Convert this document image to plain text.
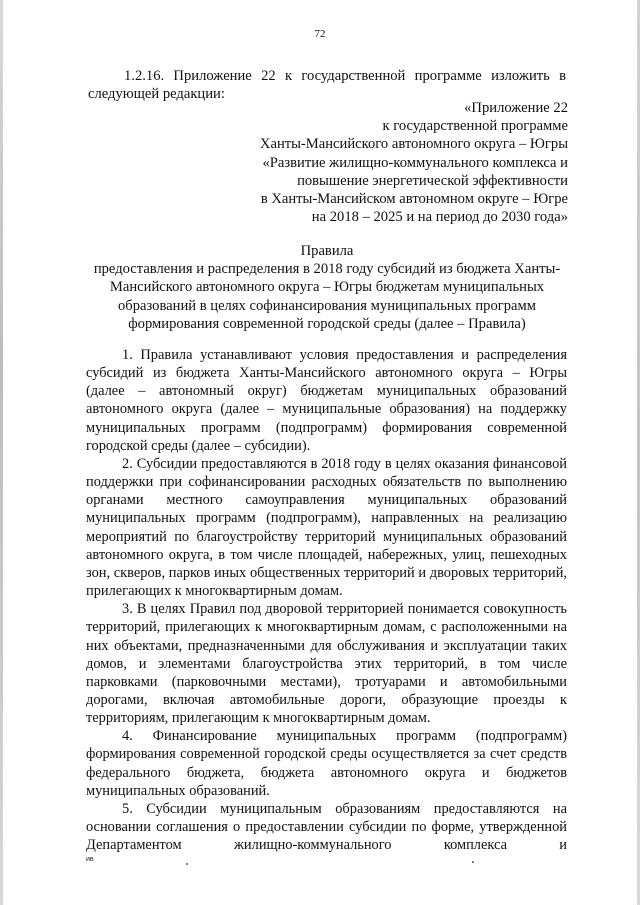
72
1.2.16. Приложение 22 к государственной программе изложить в
следующей редакции:
«Приложение 22
к государственной программе
Ханты-Мансийского автономного округа – Югры
«Развитие жилищно-коммунального комплекса и
повышение энергетической эффективности
в Ханты-Мансийском автономном округе – Югре
на 2018 – 2025 и на период до 2030 года»
Правила
предоставления и распределения в 2018 году субсидий из бюджета Ханты-
Мансийского автономного округа – Югры бюджетам муниципальных
образований в целях софинансирования муниципальных программ
формирования современной городской среды (далее – Правила)

1. Правила устанавливают условия предоставления и распределения субсидий из бюджета Ханты-Мансийского автономного округа – Югры (далее – автономный округ) бюджетам муниципальных образований автономного округа (далее – муниципальные образования) на поддержку муниципальных программ (подпрограмм) формирования современной городской среды (далее – субсидии).

2. Субсидии предоставляются в 2018 году в целях оказания финансовой поддержки при софинансировании расходных обязательств по выполнению органами местного самоуправления муниципальных образований муниципальных программ (подпрограмм), направленных на реализацию мероприятий по благоустройству территорий муниципальных образований автономного округа, в том числе площадей, набережных, улиц, пешеходных зон, скверов, парков иных общественных территорий и дворовых территорий, прилегающих к многоквартирным домам.

3. В целях Правил под дворовой территорией понимается совокупность территорий, прилегающих к многоквартирным домам, с расположенными на них объектами, предназначенными для обслуживания и эксплуатации таких домов, и элементами благоустройства этих территорий, в том числе парковками (парковочными местами), тротуарами и автомобильными дорогами, включая автомобильные дороги, образующие проезды к территориям, прилегающим к многоквартирным домам.

4. Финансирование муниципальных программ (подпрограмм) формирования современной городской среды осуществляется за счет средств федерального бюджета, бюджета автономного округа и бюджетов муниципальных образований.

5. Субсидии муниципальным образованиям предоставляются на основании соглашения о предоставлении субсидии по форме, утвержденной Департаментом жилищно-коммунального комплекса и

ив
